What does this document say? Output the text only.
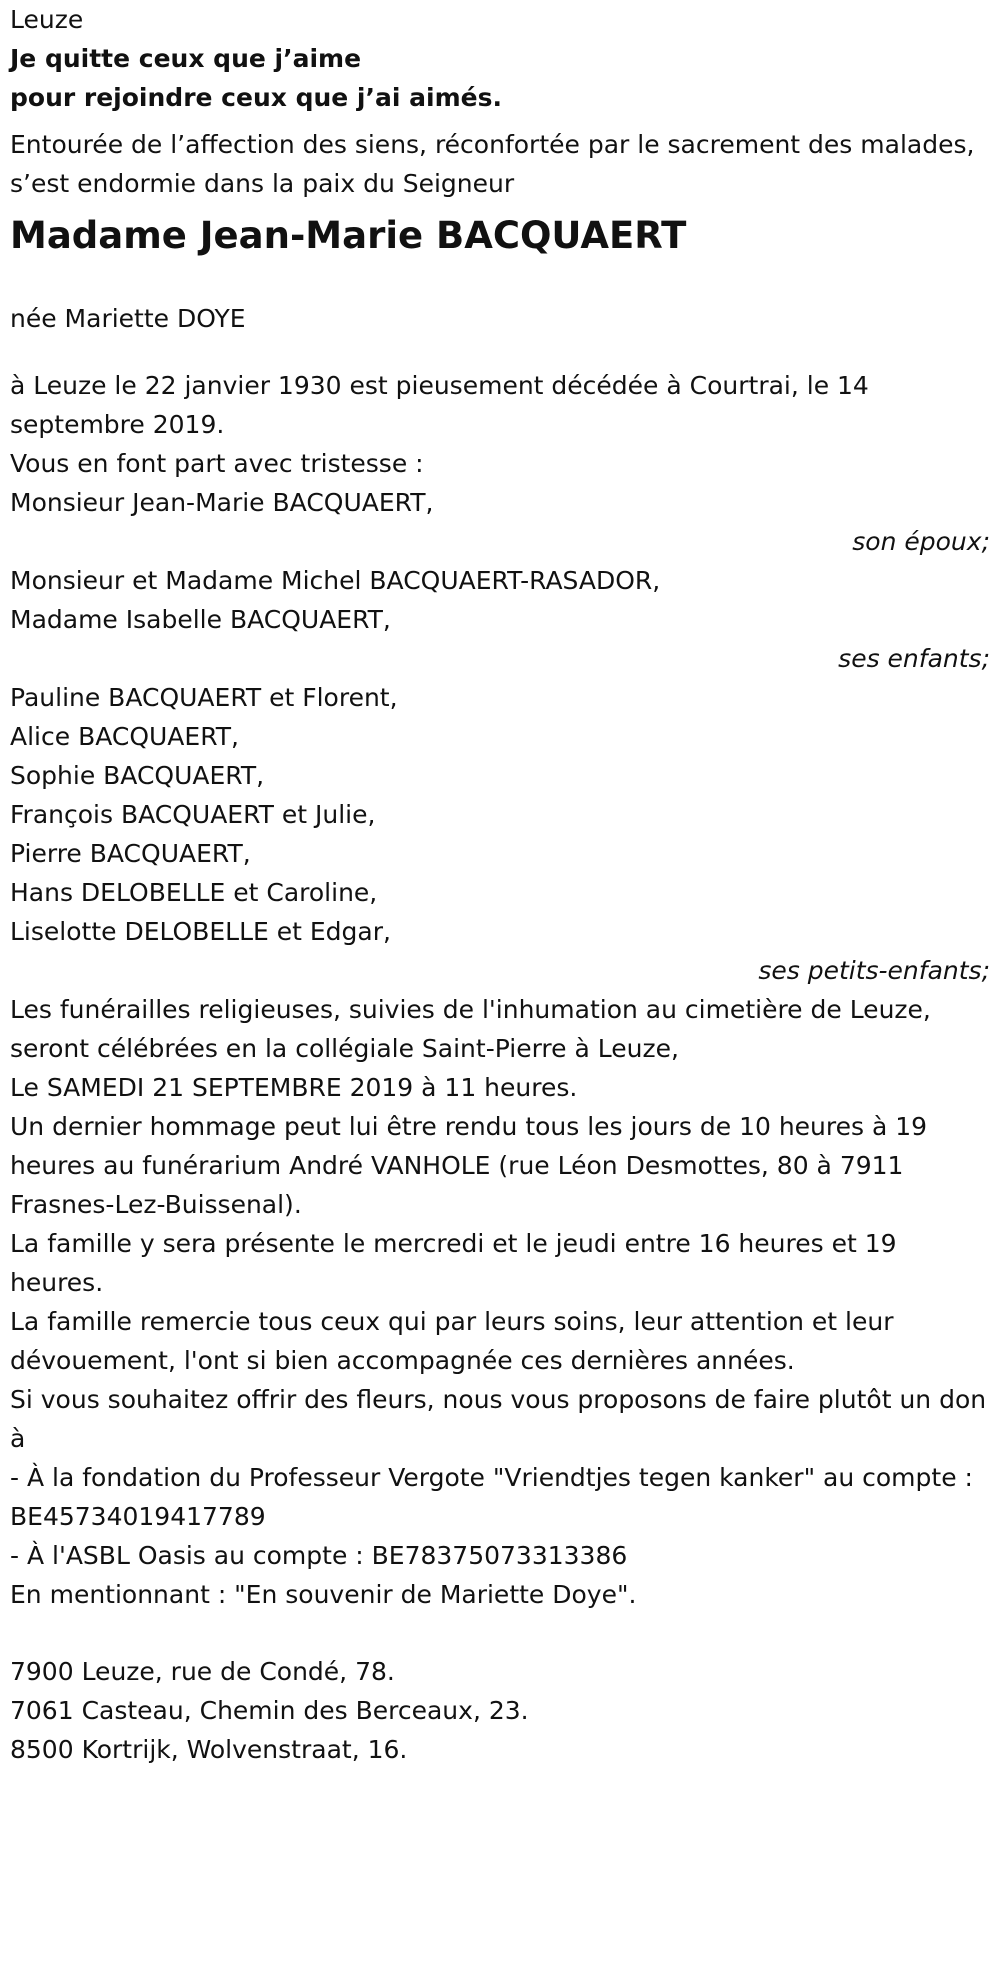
Leuze
Je quitte ceux que j’aime
pour rejoindre ceux que j’ai aimés.
Entourée de l’affection des siens, réconfortée par le sacrement des malades, s’est endormie dans la paix du Seigneur
Madame Jean-Marie BACQUAERT
née Mariette DOYE
à Leuze le 22 janvier 1930 est pieusement décédée à Courtrai, le 14 septembre 2019.
Vous en font part avec tristesse :
Monsieur Jean-Marie BACQUAERT,
son époux;
Monsieur et Madame Michel BACQUAERT-RASADOR,
Madame Isabelle BACQUAERT,
ses enfants;
Pauline BACQUAERT et Florent,
Alice BACQUAERT,
Sophie BACQUAERT,
François BACQUAERT et Julie,
Pierre BACQUAERT,
Hans DELOBELLE et Caroline,
Liselotte DELOBELLE et Edgar,
ses petits-enfants;
Les funérailles religieuses, suivies de l'inhumation au cimetière de Leuze, seront célébrées en la collégiale Saint-Pierre à Leuze,
Le SAMEDI 21 SEPTEMBRE 2019 à 11 heures.
Un dernier hommage peut lui être rendu tous les jours de 10 heures à 19 heures au funérarium André VANHOLE (rue Léon Desmottes, 80 à 7911 Frasnes-Lez-Buissenal).
La famille y sera présente le mercredi et le jeudi entre 16 heures et 19 heures.
La famille remercie tous ceux qui par leurs soins, leur attention et leur dévouement, l'ont si bien accompagnée ces dernières années.
Si vous souhaitez offrir des fleurs, nous vous proposons de faire plutôt un don à
- À la fondation du Professeur Vergote "Vriendtjes tegen kanker" au compte : BE45734019417789
- À l'ASBL Oasis au compte : BE78375073313386
En mentionnant : "En souvenir de Mariette Doye".
7900 Leuze, rue de Condé, 78.
7061 Casteau, Chemin des Berceaux, 23.
8500 Kortrijk, Wolvenstraat, 16.
